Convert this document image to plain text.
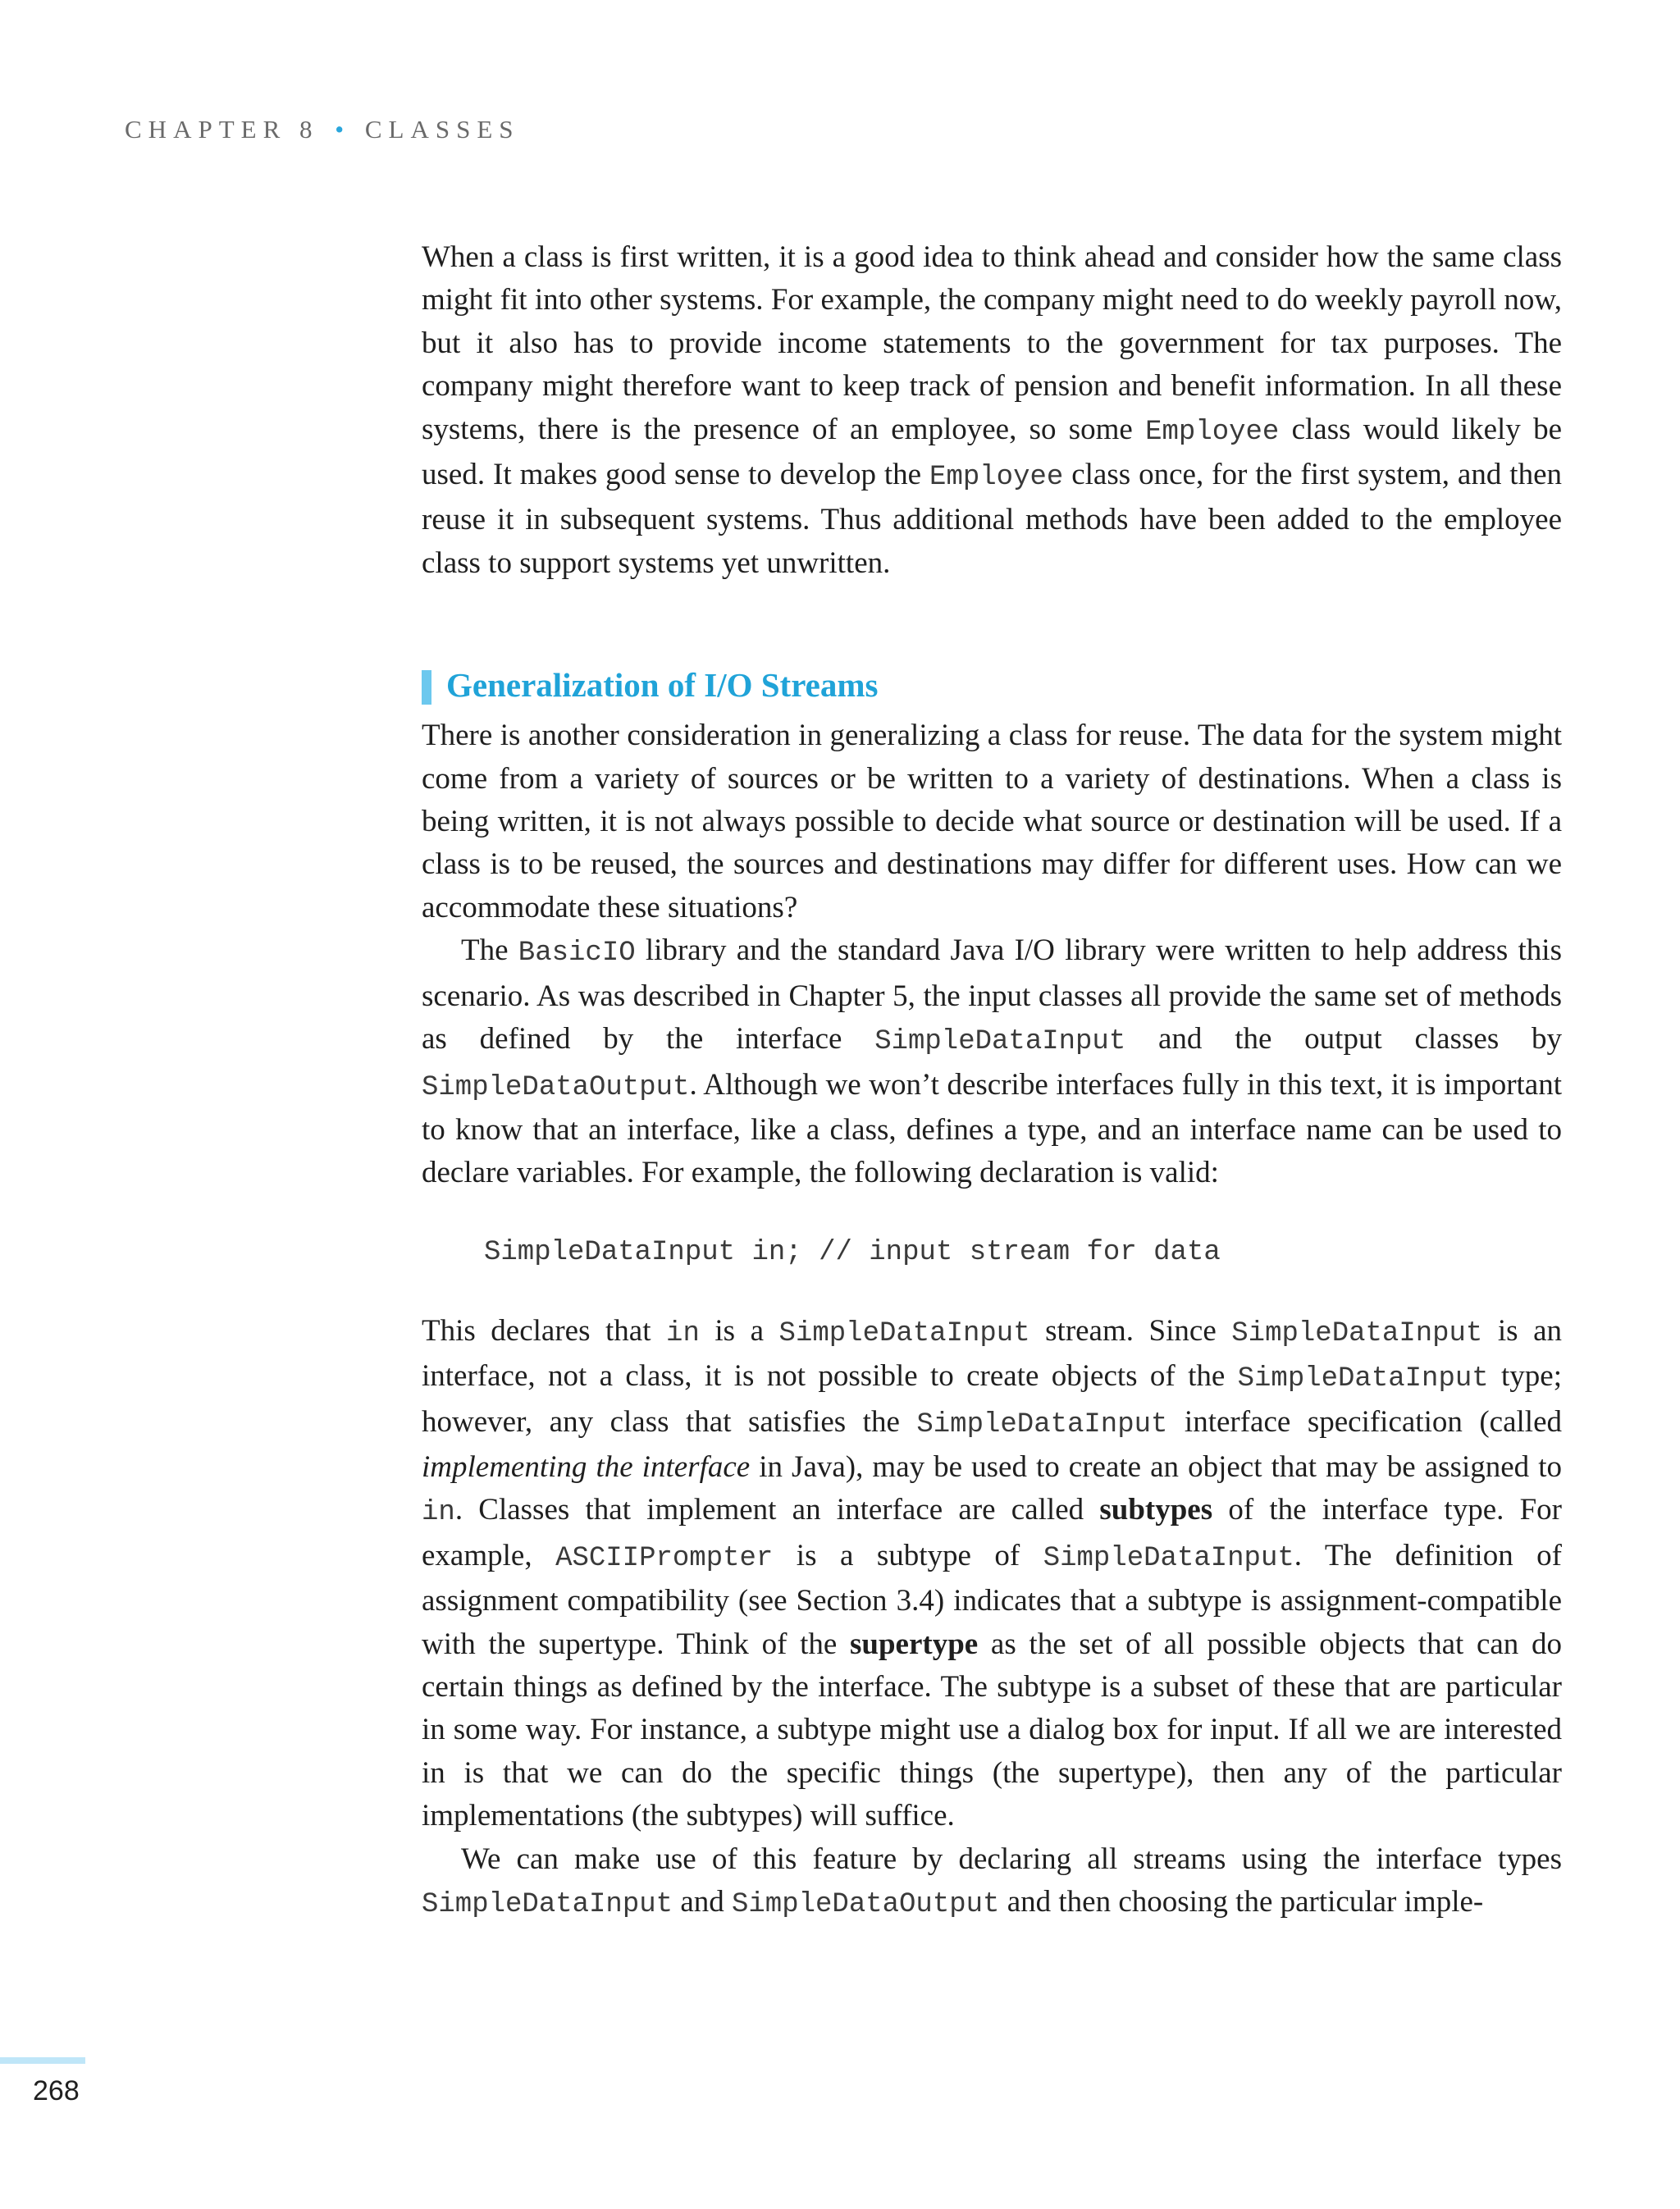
CHAPTER 8 • CLASSES

When a class is first written, it is a good idea to think ahead and consider how the same class might fit into other systems. For example, the company might need to do weekly payroll now, but it also has to provide income statements to the government for tax purposes. The company might therefore want to keep track of pension and benefit information. In all these systems, there is the presence of an employee, so some Employee class would likely be used. It makes good sense to develop the Employee class once, for the first system, and then reuse it in subsequent systems. Thus additional methods have been added to the employee class to support systems yet unwritten.

Generalization of I/O Streams

There is another consideration in generalizing a class for reuse. The data for the system might come from a variety of sources or be written to a variety of destinations. When a class is being written, it is not always possible to decide what source or destination will be used. If a class is to be reused, the sources and destinations may differ for different uses. How can we accommodate these situations?

The BasicIO library and the standard Java I/O library were written to help address this scenario. As was described in Chapter 5, the input classes all provide the same set of methods as defined by the interface SimpleDataInput and the output classes by SimpleDataOutput. Although we won’t describe interfaces fully in this text, it is important to know that an interface, like a class, defines a type, and an interface name can be used to declare variables. For example, the following declaration is valid:

SimpleDataInput in; // input stream for data

This declares that in is a SimpleDataInput stream. Since SimpleDataInput is an interface, not a class, it is not possible to create objects of the SimpleDataInput type; however, any class that satisfies the SimpleDataInput interface specification (called implementing the interface in Java), may be used to create an object that may be assigned to in. Classes that implement an interface are called subtypes of the interface type. For example, ASCIIPrompter is a subtype of SimpleDataInput. The definition of assignment compatibility (see Section 3.4) indicates that a subtype is assignment-compatible with the supertype. Think of the supertype as the set of all possible objects that can do certain things as defined by the interface. The subtype is a subset of these that are particular in some way. For instance, a subtype might use a dialog box for input. If all we are interested in is that we can do the specific things (the supertype), then any of the particular implementations (the subtypes) will suffice.

We can make use of this feature by declaring all streams using the interface types SimpleDataInput and SimpleDataOutput and then choosing the particular imple-

268
